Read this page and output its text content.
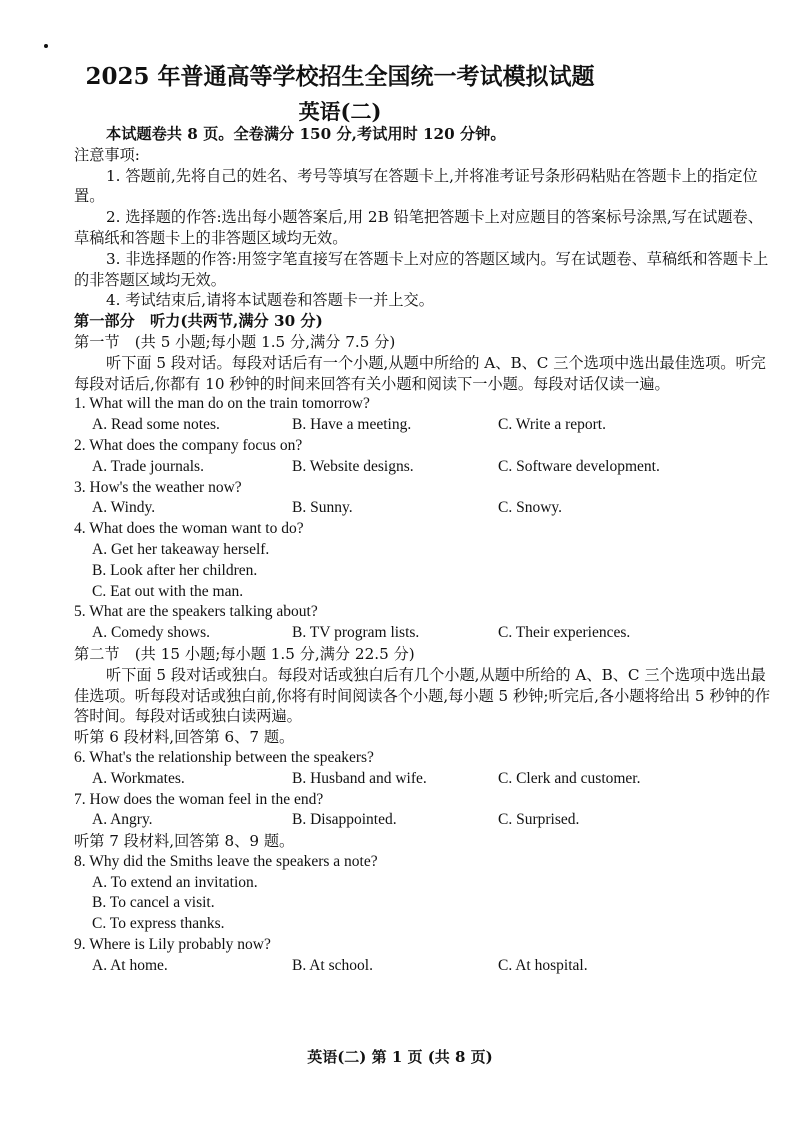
2025 年普通高等学校招生全国统一考试模拟试题
英语(二)
本试题卷共 8 页。全卷满分 150 分,考试用时 120 分钟。
注意事项:
1. 答题前,先将自己的姓名、考号等填写在答题卡上,并将准考证号条形码粘贴在答题卡上的指定位置。
2. 选择题的作答:选出每小题答案后,用 2B 铅笔把答题卡上对应题目的答案标号涂黑,写在试题卷、草稿纸和答题卡上的非答题区域均无效。
3. 非选择题的作答:用签字笔直接写在答题卡上对应的答题区域内。写在试题卷、草稿纸和答题卡上的非答题区域均无效。
4. 考试结束后,请将本试题卷和答题卡一并上交。
第一部分　听力(共两节,满分 30 分)
第一节　(共 5 小题;每小题 1.5 分,满分 7.5 分)
听下面 5 段对话。每段对话后有一个小题,从题中所给的 A、B、C 三个选项中选出最佳选项。听完每段对话后,你都有 10 秒钟的时间来回答有关小题和阅读下一小题。每段对话仅读一遍。
1. What will the man do on the train tomorrow?
A. Read some notes.	B. Have a meeting.	C. Write a report.
2. What does the company focus on?
A. Trade journals.	B. Website designs.	C. Software development.
3. How's the weather now?
A. Windy.	B. Sunny.	C. Snowy.
4. What does the woman want to do?
A. Get her takeaway herself.
B. Look after her children.
C. Eat out with the man.
5. What are the speakers talking about?
A. Comedy shows.	B. TV program lists.	C. Their experiences.
第二节　(共 15 小题;每小题 1.5 分,满分 22.5 分)
听下面 5 段对话或独白。每段对话或独白后有几个小题,从题中所给的 A、B、C 三个选项中选出最佳选项。听每段对话或独白前,你将有时间阅读各个小题,每小题 5 秒钟;听完后,各小题将给出 5 秒钟的作答时间。每段对话或独白读两遍。
听第 6 段材料,回答第 6、7 题。
6. What's the relationship between the speakers?
A. Workmates.	B. Husband and wife.	C. Clerk and customer.
7. How does the woman feel in the end?
A. Angry.	B. Disappointed.	C. Surprised.
听第 7 段材料,回答第 8、9 题。
8. Why did the Smiths leave the speakers a note?
A. To extend an invitation.
B. To cancel a visit.
C. To express thanks.
9. Where is Lily probably now?
A. At home.	B. At school.	C. At hospital.
英语(二) 第 1 页 (共 8 页)
